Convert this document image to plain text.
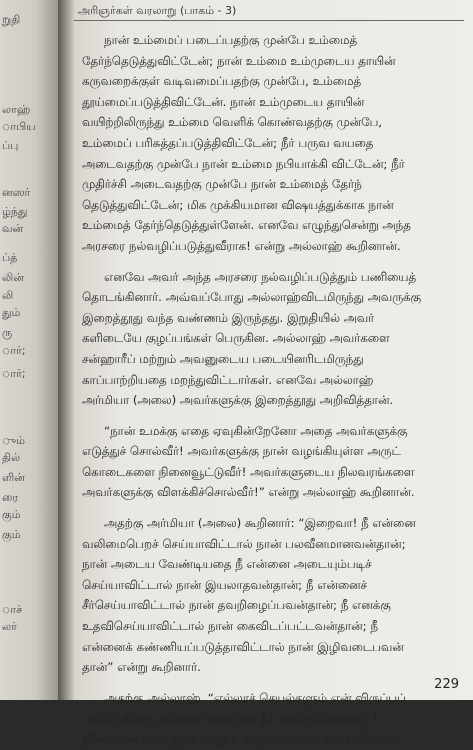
றுதி
லாஹ்
ாபிய
ப்பு
னஸர்
ழ்ந்து
வன்
ப்த்
லின்
லி
தும்
ரு
ார்;
ார்;
ும்
தில்
ளின்
ரை
கும்
கும்
ாச்
லர்
அரிஞர்கள் வரலாறு (பாகம் - 3)
நான் உம்மைப் படைப்பதற்கு முன்பே உம்மைத்
தேர்ந்தெடுத்துவிட்டேன்; நான் உம்மை உம்முடைய தாயின்
கருவறைக்குள் வடிவமைப்பதற்கு முன்பே, உம்மைத்
தூய்மைப்படுத்திவிட்டேன். நான் உம்முடைய தாயின்
வயிற்றிலிருந்து உம்மை வெளிக் கொண்வதற்கு முன்பே,
உம்மைப் பரிசுத்தப்படுத்திவிட்டேன்; நீர் பருவ வயதை
அடைவதற்கு முன்பே நான் உம்மை நபியாக்கி விட்டேன்; நீர்
முதிர்ச்சி அடைவதற்கு முன்பே நான் உம்மைத் தேர்ந்
தெடுத்துவிட்டேன்; மிக முக்கியமான விஷயத்துக்காக நான்
உம்மைத் தேர்ந்தெடுத்துள்ளேன். எனவே எழுந்துசென்று அந்த
அரசரை நல்வழிப்படுத்துவீராக! என்று அல்லாஹ் கூறினான்.
எனவே அவர் அந்த அரசரை நல்வழிப்படுத்தும் பணியைத்
தொடங்கினார். அவ்வப்போது அல்லாஹ்விடமிருந்து அவருக்கு
இறைத்தூது வந்த வண்ணம் இருந்தது. இறுதியில் அவர்
களிடையே குழப்பங்கள் பெருகின. அல்லாஹ் அவர்களை
சன்ஹாரீப் மற்றும் அவனுடைய படையினரிடமிருந்து
காப்பாற்றியதை மறந்துவிட்டார்கள். எனவே அல்லாஹ்
அர்மியா (அலை) அவர்களுக்கு இறைத்தூது அறிவித்தான்.
“நான் உமக்கு எதை ஏவுகின்றேனோ அதை அவர்களுக்கு
எடுத்துச் சொல்வீர்! அவர்களுக்கு நான் வழங்கியுள்ள அருட்
கொடைகளை நினைவூட்டுவீர்! அவர்களுடைய நிலவரங்களை
அவர்களுக்கு விளக்கிச்சொல்வீர்!” என்று அல்லாஹ் கூறினான்.
அதற்கு அர்மியா (அலை) கூறினார்: “இறைவா! நீ என்னை
வலிமைபெறச் செய்யாவிட்டால் நான் பலவீனமானவன்தான்;
நான் அடைய வேண்டியதை நீ என்னை அடையும்படிச்
செய்யாவிட்டால் நான் இயலாதவன்தான்; நீ என்னைச்
சீர்செய்யாவிட்டால் நான் தவறிழைப்பவன்தான்; நீ எனக்கு
உதவிசெய்யாவிட்டால் நான் கைவிடப்பட்டவன்தான்; நீ
என்னைக் கண்ணியப்படுத்தாவிட்டால் நான் இழிவடைபவன்
தான்” என்று கூறினார்.
அதற்கு அல்லாஹ், “எல்லாச் செயல்களும் என் விருப்பப்
படியே உண்டாகின்றன என்பதை நீர் அறியவில்லையா?
நிச்சயமாக படைத்தல் மற்றும் ஏவுதல் யாவும் எனக்குரியன;
229
